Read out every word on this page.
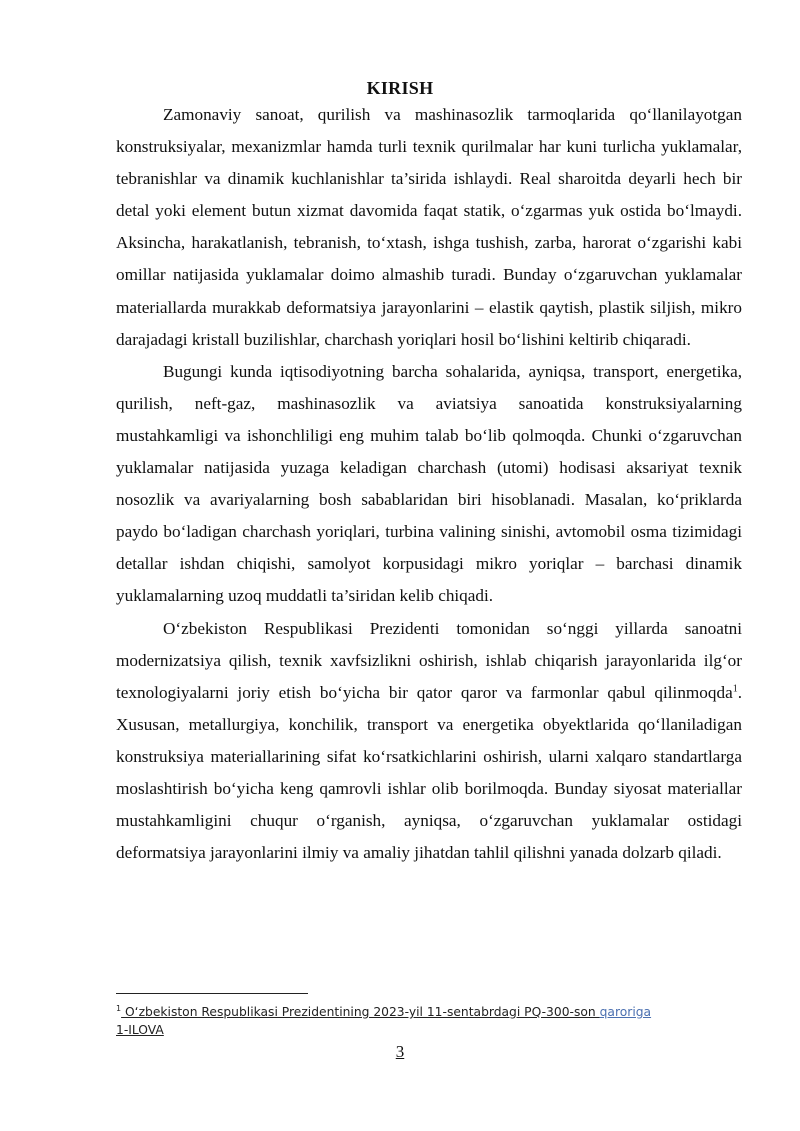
KIRISH

Zamonaviy sanoat, qurilish va mashinasozlik tarmoqlarida qo‘llanilayotgan konstruksiyalar, mexanizmlar hamda turli texnik qurilmalar har kuni turlicha yuklamalar, tebranishlar va dinamik kuchlanishlar ta’sirida ishlaydi. Real sharoitda deyarli hech bir detal yoki element butun xizmat davomida faqat statik, o‘zgarmas yuk ostida bo‘lmaydi. Aksincha, harakatlanish, tebranish, to‘xtash, ishga tushish, zarba, harorat o‘zgarishi kabi omillar natijasida yuklamalar doimo almashib turadi. Bunday o‘zgaruvchan yuklamalar materiallarda murakkab deformatsiya jarayonlarini – elastik qaytish, plastik siljish, mikro darajadagi kristall buzilishlar, charchash yoriqlari hosil bo‘lishini keltirib chiqaradi.

Bugungi kunda iqtisodiyotning barcha sohalarida, ayniqsa, transport, energetika, qurilish, neft-gaz, mashinasozlik va aviatsiya sanoatida konstruksiyalarning mustahkamligi va ishonchliligi eng muhim talab bo‘lib qolmoqda. Chunki o‘zgaruvchan yuklamalar natijasida yuzaga keladigan charchash (utomi) hodisasi aksariyat texnik nosozlik va avariyalarning bosh sabablaridan biri hisoblanadi. Masalan, ko‘priklarda paydo bo‘ladigan charchash yoriqlari, turbina valining sinishi, avtomobil osma tizimidagi detallar ishdan chiqishi, samolyot korpusidagi mikro yoriqlar – barchasi dinamik yuklamalarning uzoq muddatli ta’siridan kelib chiqadi.

O‘zbekiston Respublikasi Prezidenti tomonidan so‘nggi yillarda sanoatni modernizatsiya qilish, texnik xavfsizlikni oshirish, ishlab chiqarish jarayonlarida ilg‘or texnologiyalarni joriy etish bo‘yicha bir qator qaror va farmonlar qabul qilinmoqda$^1$. Xususan, metallurgiya, konchilik, transport va energetika obyektlarida qo‘llaniladigan konstruksiya materiallarining sifat ko‘rsatkichlarini oshirish, ularni xalqaro standartlarga moslashtirish bo‘yicha keng qamrovli ishlar olib borilmoqda. Bunday siyosat materiallar mustahkamligini chuqur o‘rganish, ayniqsa, o‘zgaruvchan yuklamalar ostidagi deformatsiya jarayonlarini ilmiy va amaliy jihatdan tahlil qilishni yanada dolzarb qiladi.

$^1$ O‘zbekiston Respublikasi Prezidentining 2023-yil 11-sentabrdagi PQ-300-son qaroriga
1-ILOVA
3
